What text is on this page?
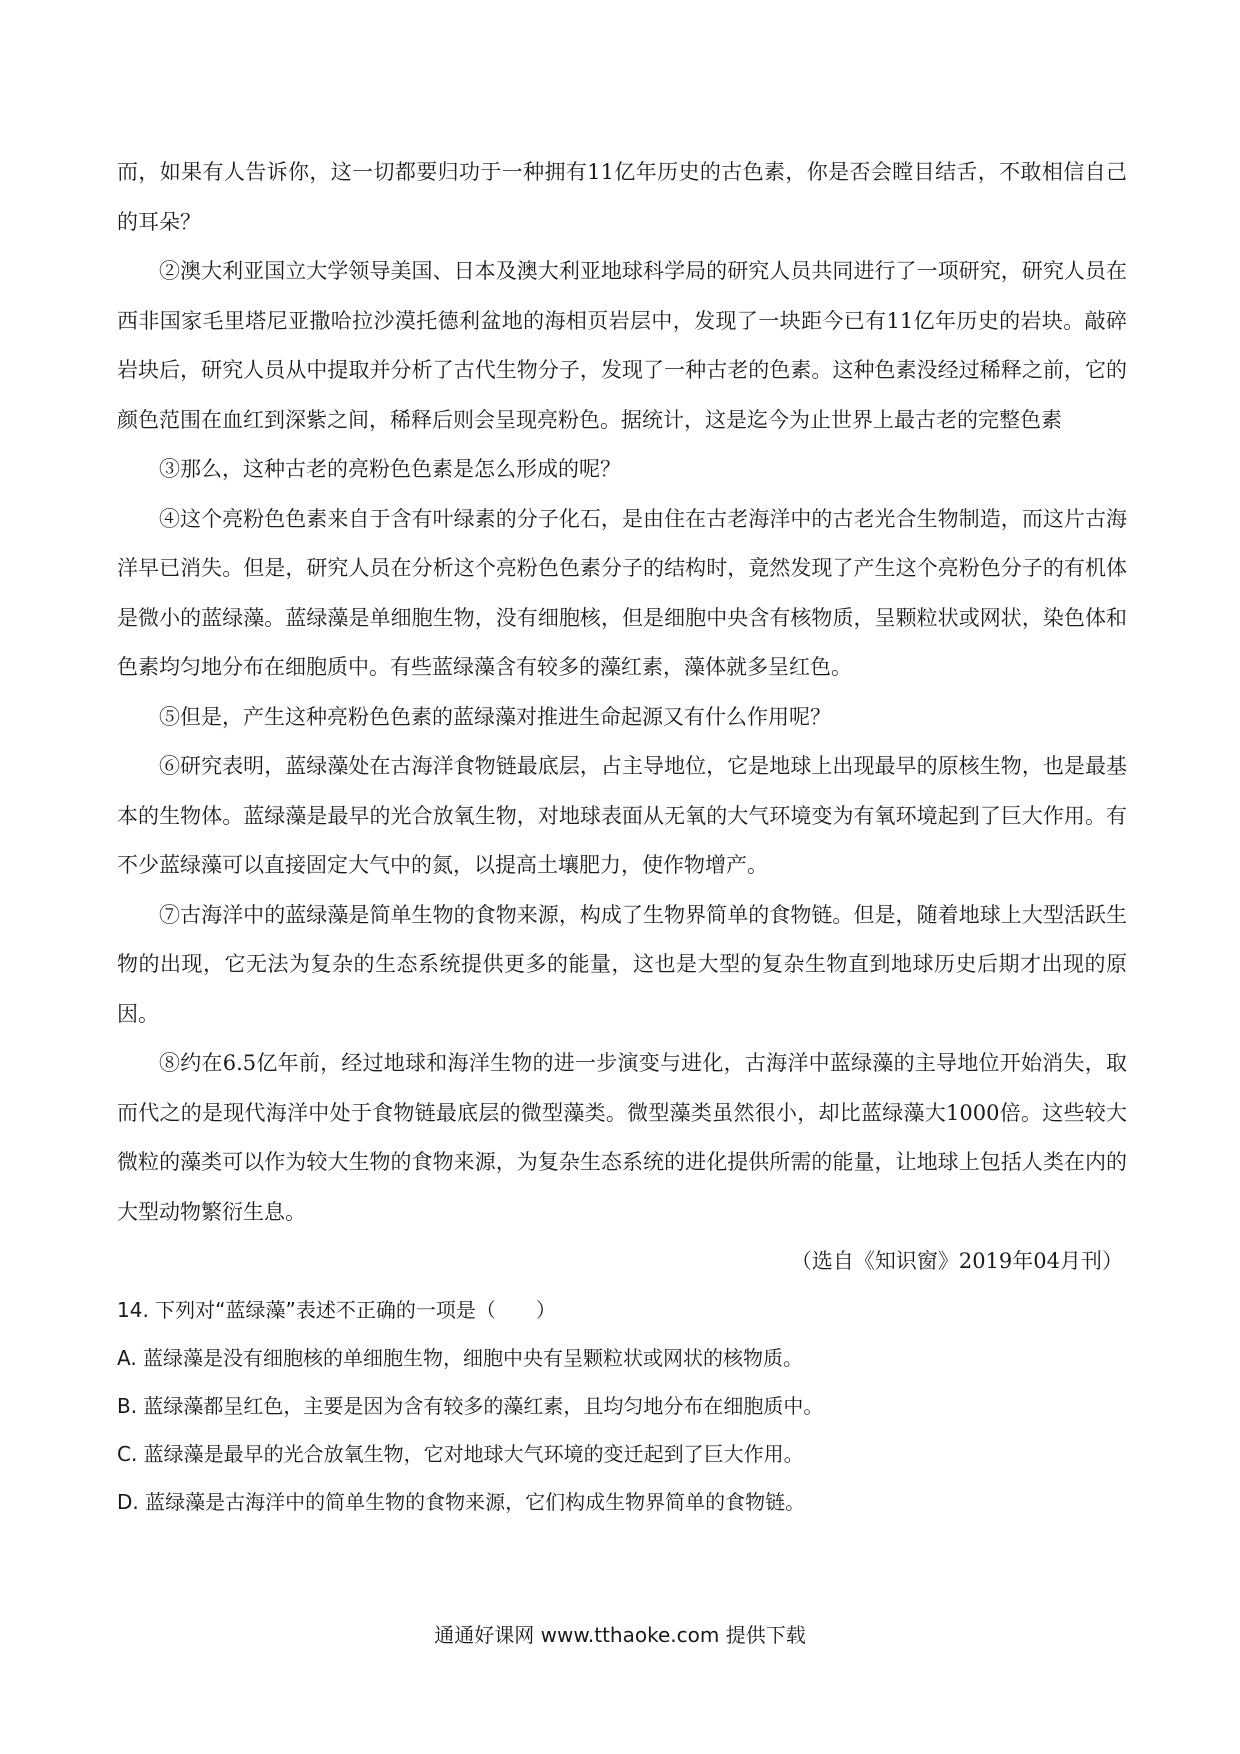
而，如果有人告诉你，这一切都要归功于一种拥有11亿年历史的古色素，你是否会瞠目结舌，不敢相信自己的耳朵？

②澳大利亚国立大学领导美国、日本及澳大利亚地球科学局的研究人员共同进行了一项研究，研究人员在西非国家毛里塔尼亚撒哈拉沙漠托德利盆地的海相页岩层中，发现了一块距今已有11亿年历史的岩块。敲碎岩块后，研究人员从中提取并分析了古代生物分子，发现了一种古老的色素。这种色素没经过稀释之前，它的颜色范围在血红到深紫之间，稀释后则会呈现亮粉色。据统计，这是迄今为止世界上最古老的完整色素

③那么，这种古老的亮粉色色素是怎么形成的呢？

④这个亮粉色色素来自于含有叶绿素的分子化石，是由住在古老海洋中的古老光合生物制造，而这片古海洋早已消失。但是，研究人员在分析这个亮粉色色素分子的结构时，竟然发现了产生这个亮粉色分子的有机体是微小的蓝绿藻。蓝绿藻是单细胞生物，没有细胞核，但是细胞中央含有核物质，呈颗粒状或网状，染色体和色素均匀地分布在细胞质中。有些蓝绿藻含有较多的藻红素，藻体就多呈红色。

⑤但是，产生这种亮粉色色素的蓝绿藻对推进生命起源又有什么作用呢？

⑥研究表明，蓝绿藻处在古海洋食物链最底层，占主导地位，它是地球上出现最早的原核生物，也是最基本的生物体。蓝绿藻是最早的光合放氧生物，对地球表面从无氧的大气环境变为有氧环境起到了巨大作用。有不少蓝绿藻可以直接固定大气中的氮，以提高土壤肥力，使作物增产。

⑦古海洋中的蓝绿藻是简单生物的食物来源，构成了生物界简单的食物链。但是，随着地球上大型活跃生物的出现，它无法为复杂的生态系统提供更多的能量，这也是大型的复杂生物直到地球历史后期才出现的原因。

⑧约在6.5亿年前，经过地球和海洋生物的进一步演变与进化，古海洋中蓝绿藻的主导地位开始消失，取而代之的是现代海洋中处于食物链最底层的微型藻类。微型藻类虽然很小，却比蓝绿藻大1000倍。这些较大微粒的藻类可以作为较大生物的食物来源，为复杂生态系统的进化提供所需的能量，让地球上包括人类在内的大型动物繁衍生息。

（选自《知识窗》2019年04月刊）

14. 下列对“蓝绿藻”表述不正确的一项是（　　）

A. 蓝绿藻是没有细胞核的单细胞生物，细胞中央有呈颗粒状或网状的核物质。

B. 蓝绿藻都呈红色，主要是因为含有较多的藻红素，且均匀地分布在细胞质中。

C. 蓝绿藻是最早的光合放氧生物，它对地球大气环境的变迁起到了巨大作用。

D. 蓝绿藻是古海洋中的简单生物的食物来源，它们构成生物界简单的食物链。

通通好课网 www.tthaoke.com 提供下载
